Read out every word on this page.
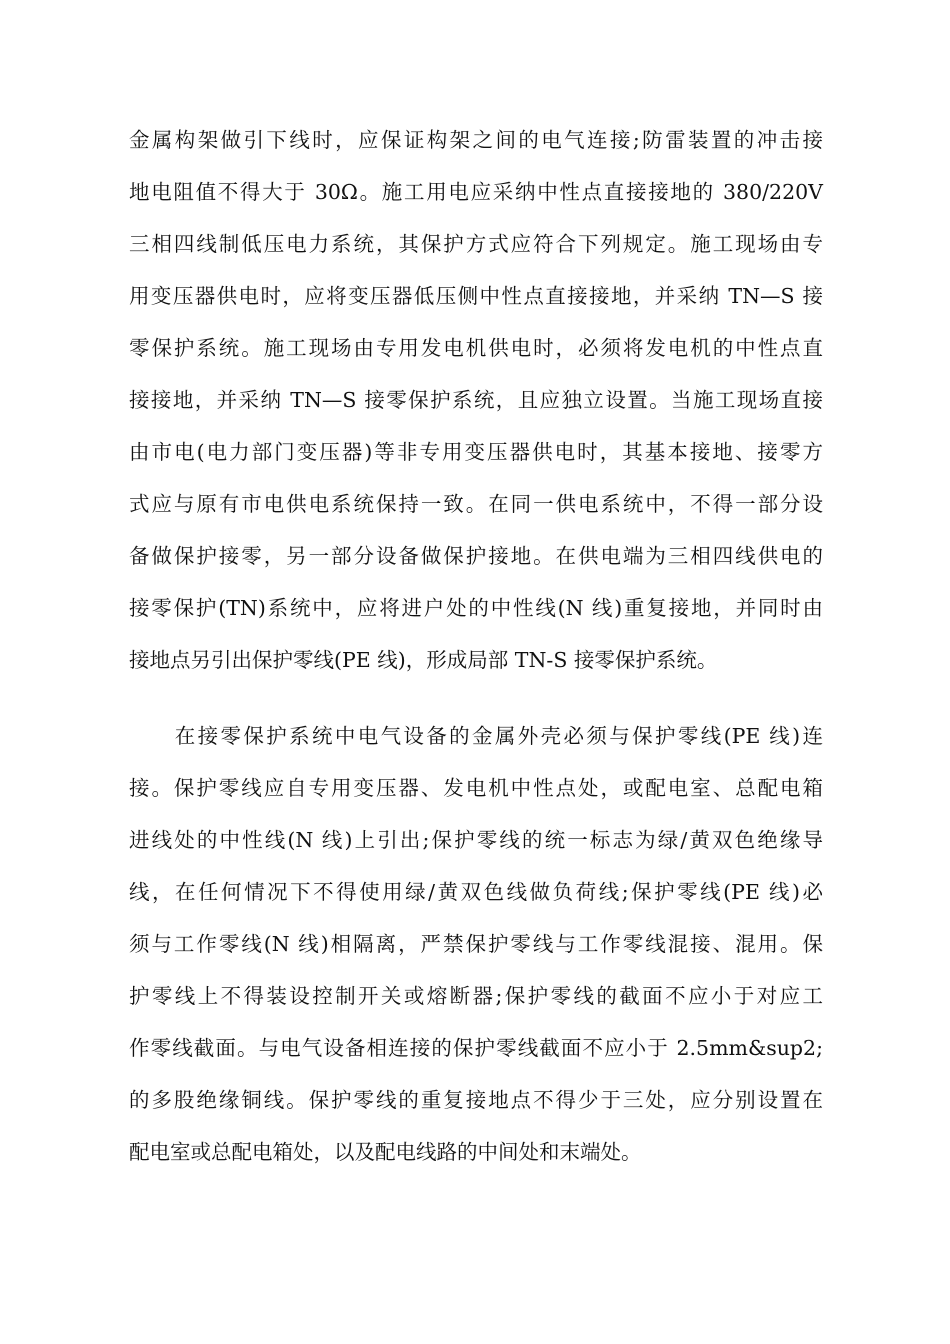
金属构架做引下线时，应保证构架之间的电气连接;防雷装置的冲击接
地电阻值不得大于 30Ω。施工用电应采纳中性点直接接地的 380/220V
三相四线制低压电力系统，其保护方式应符合下列规定。施工现场由专
用变压器供电时，应将变压器低压侧中性点直接接地，并采纳 TN—S 接
零保护系统。施工现场由专用发电机供电时，必须将发电机的中性点直
接接地，并采纳 TN—S 接零保护系统，且应独立设置。当施工现场直接
由市电(电力部门变压器)等非专用变压器供电时，其基本接地、接零方
式应与原有市电供电系统保持一致。在同一供电系统中，不得一部分设
备做保护接零，另一部分设备做保护接地。在供电端为三相四线供电的
接零保护(TN)系统中，应将进户处的中性线(N 线)重复接地，并同时由
接地点另引出保护零线(PE 线)，形成局部 TN-S 接零保护系统。
　　在接零保护系统中电气设备的金属外壳必须与保护零线(PE 线)连
接。保护零线应自专用变压器、发电机中性点处，或配电室、总配电箱
进线处的中性线(N 线)上引出;保护零线的统一标志为绿/黄双色绝缘导
线，在任何情况下不得使用绿/黄双色线做负荷线;保护零线(PE 线)必
须与工作零线(N 线)相隔离，严禁保护零线与工作零线混接、混用。保
护零线上不得装设控制开关或熔断器;保护零线的截面不应小于对应工
作零线截面。与电气设备相连接的保护零线截面不应小于 2.5mm&sup2;
的多股绝缘铜线。保护零线的重复接地点不得少于三处，应分别设置在
配电室或总配电箱处，以及配电线路的中间处和末端处。
